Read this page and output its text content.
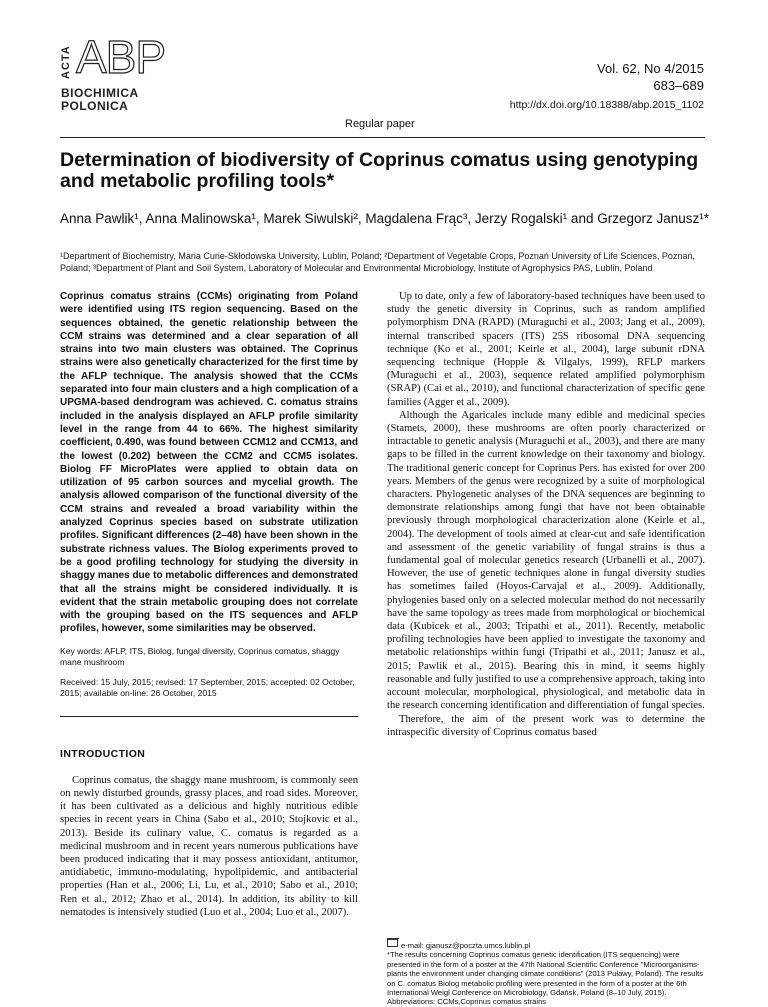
ACTA ABP
BIOCHIMICA
POLONICA
Vol. 62, No 4/2015
683–689
http://dx.doi.org/10.18388/abp.2015_1102
Regular paper
Determination of biodiversity of Coprinus comatus using genotyping and metabolic profiling tools*
Anna Pawlik¹, Anna Malinowska¹, Marek Siwulski², Magdalena Frąc³, Jerzy Rogalski¹ and Grzegorz Janusz¹*
¹Department of Biochemistry, Maria Curie-Skłodowska University, Lublin, Poland; ²Department of Vegetable Crops, Poznań University of Life Sciences, Poznań, Poland; ³Department of Plant and Soil System, Laboratory of Molecular and Environmental Microbiology, Institute of Agrophysics PAS, Lublin, Poland

Coprinus comatus strains (CCMs) originating from Poland were identified using ITS region sequencing. Based on the sequences obtained, the genetic relationship between the CCM strains was determined and a clear separation of all strains into two main clusters was obtained. The Coprinus strains were also genetically characterized for the first time by the AFLP technique. The analysis showed that the CCMs separated into four main clusters and a high complication of a UPGMA-based dendrogram was achieved. C. comatus strains included in the analysis displayed an AFLP profile similarity level in the range from 44 to 66%. The highest similarity coefficient, 0.490, was found between CCM12 and CCM13, and the lowest (0.202) between the CCM2 and CCM5 isolates. Biolog FF MicroPlates were applied to obtain data on utilization of 95 carbon sources and mycelial growth. The analysis allowed comparison of the functional diversity of the CCM strains and revealed a broad variability within the analyzed Coprinus species based on substrate utilization profiles. Significant differences (2–48) have been shown in the substrate richness values. The Biolog experiments proved to be a good profiling technology for studying the diversity in shaggy manes due to metabolic differences and demonstrated that all the strains might be considered individually. It is evident that the strain metabolic grouping does not correlate with the grouping based on the ITS sequences and AFLP profiles, however, some similarities may be observed.

Key words: AFLP, ITS, Biolog, fungal diversity, Coprinus comatus, shaggy mane mushroom

Received: 15 July, 2015; revised: 17 September, 2015; accepted: 02 October, 2015; available on-line: 26 October, 2015

INTRODUCTION

Coprinus comatus, the shaggy mane mushroom, is commonly seen on newly disturbed grounds, grassy places, and road sides. Moreover, it has been cultivated as a delicious and highly nutritious edible species in recent years in China (Sabo et al., 2010; Stojkovic et al., 2013). Beside its culinary value, C. comatus is regarded as a medicinal mushroom and in recent years numerous publications have been produced indicating that it may possess antioxidant, antitumor, antidiabetic, immuno-modulating, hypolipidemic, and antibacterial properties (Han et al., 2006; Li, Lu, et al., 2010; Sabo et al., 2010; Ren et al., 2012; Zhao et al., 2014). In addition, its ability to kill nematodes is intensively studied (Luo et al., 2004; Luo et al., 2007).

Up to date, only a few of laboratory-based techniques have been used to study the genetic diversity in Coprinus, such as random amplified polymorphism DNA (RAPD) (Muraguchi et al., 2003; Jang et al., 2009), internal transcribed spacers (ITS) 25S ribosomal DNA sequencing technique (Ko et al., 2001; Keirle et al., 2004), large subunit rDNA sequencing technique (Hopple & Vilgalys, 1999), RFLP markers (Muraguchi et al., 2003), sequence related amplified polymorphism (SRAP) (Cai et al., 2010), and functional characterization of specific gene families (Agger et al., 2009).

Although the Agaricales include many edible and medicinal species (Stamets, 2000), these mushrooms are often poorly characterized or intractable to genetic analysis (Muraguchi et al., 2003), and there are many gaps to be filled in the current knowledge on their taxonomy and biology. The traditional generic concept for Coprinus Pers. has existed for over 200 years. Members of the genus were recognized by a suite of morphological characters. Phylogenetic analyses of the DNA sequences are beginning to demonstrate relationships among fungi that have not been obtainable previously through morphological characterization alone (Keirle et al., 2004). The development of tools aimed at clear-cut and safe identification and assessment of the genetic variability of fungal strains is thus a fundamental goal of molecular genetics research (Urbanelli et al., 2007). However, the use of genetic techniques alone in fungal diversity studies has sometimes failed (Hoyos-Carvajal et al., 2009). Additionally, phylogenies based only on a selected molecular method do not necessarily have the same topology as trees made from morphological or biochemical data (Kubicek et al., 2003; Tripathi et al., 2011). Recently, metabolic profiling technologies have been applied to investigate the taxonomy and metabolic relationships within fungi (Tripathi et al., 2011; Janusz et al., 2015; Pawlik et al., 2015). Bearing this in mind, it seems highly reasonable and fully justified to use a comprehensive approach, taking into account molecular, morphological, physiological, and metabolic data in the research concerning identification and differentiation of fungal species.

Therefore, the aim of the present work was to determine the intraspecific diversity of Coprinus comatus based

e-mail: gjanusz@poczta.umcs.lublin.pl

*The results concerning Coprinus comatus genetic identification (ITS sequencing) were presented in the form of a poster at the 47th National Scientific Conference "Microorganisms-plants the environment under changing climate conditions" (2013 Puławy, Poland). The results on C. comatus Biolog metabolic profiling were presented in the form of a poster at the 6th International Weigl Conference on Microbiology, Gdańsk, Poland (8–10 July, 2015).

Abbreviations: CCMs,Coprinus comatus strains
